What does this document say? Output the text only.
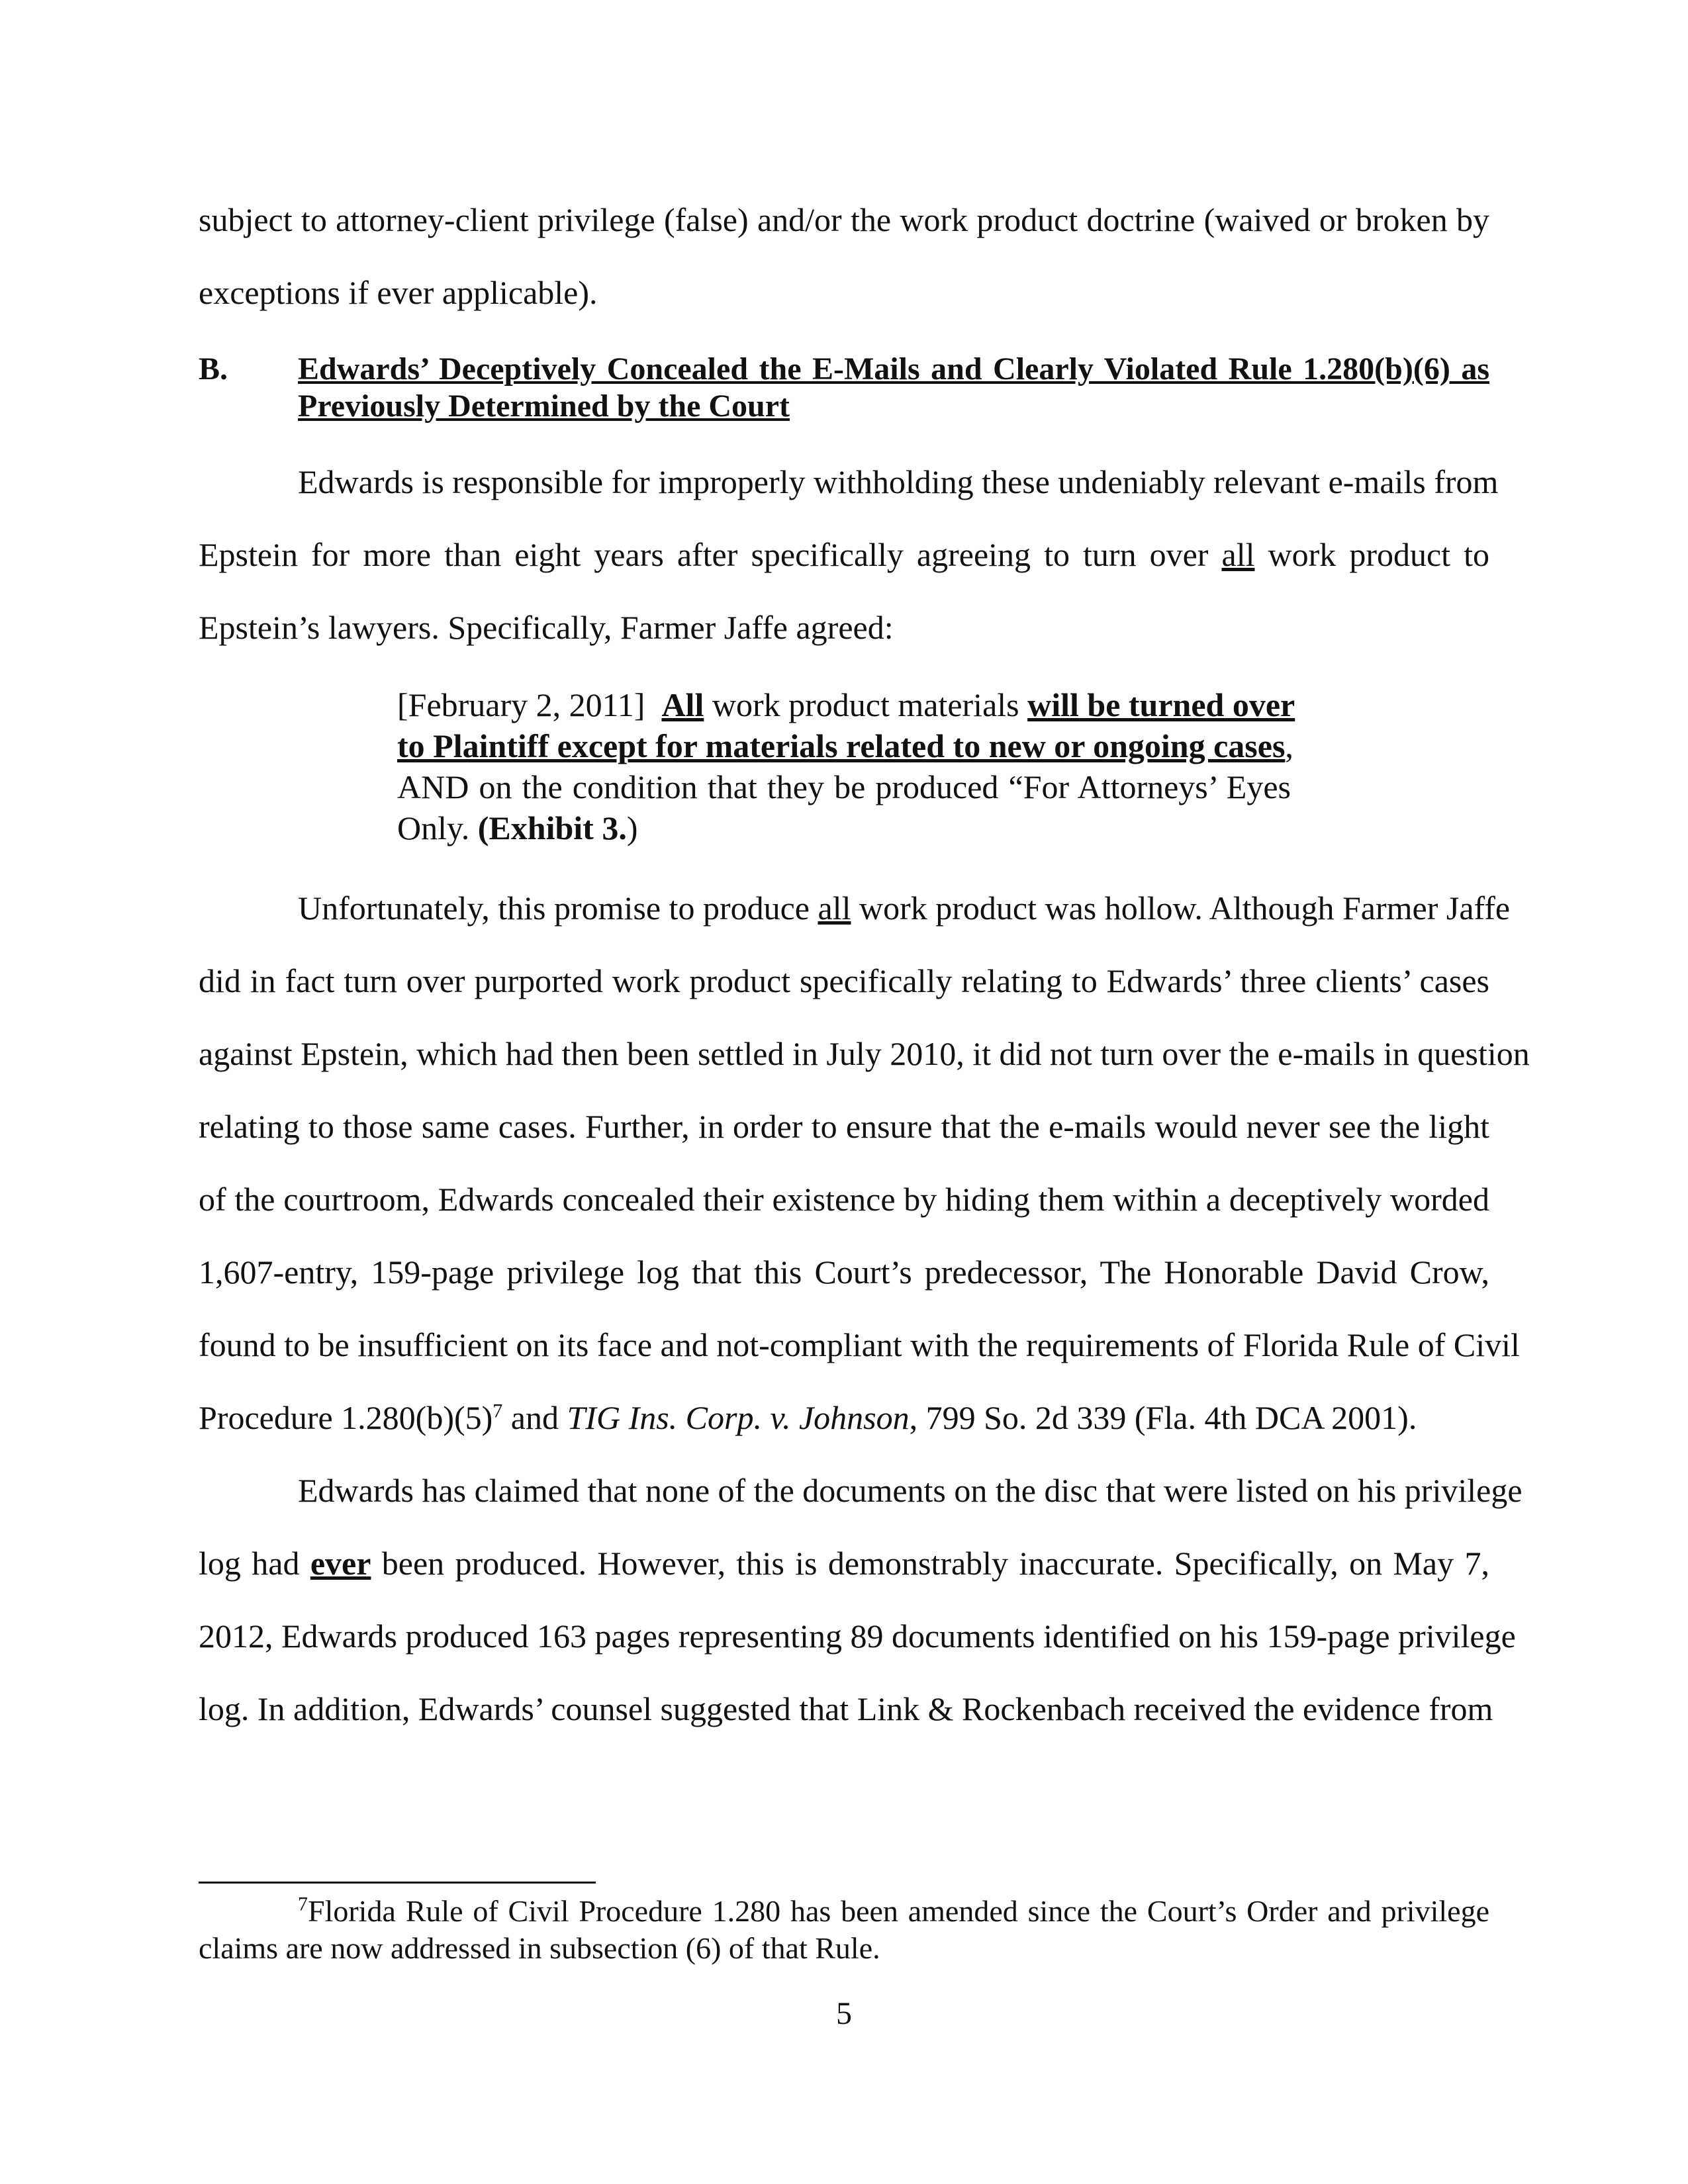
subject to attorney-client privilege (false) and/or the work product doctrine (waived or broken by
exceptions if ever applicable).
B. Edwards’ Deceptively Concealed the E-Mails and Clearly Violated Rule 1.280(b)(6) as
Previously Determined by the Court
Edwards is responsible for improperly withholding these undeniably relevant e-mails from
Epstein for more than eight years after specifically agreeing to turn over all work product to
Epstein’s lawyers. Specifically, Farmer Jaffe agreed:
[February 2, 2011] All work product materials will be turned over
to Plaintiff except for materials related to new or ongoing cases,
AND on the condition that they be produced “For Attorneys’ Eyes
Only. (Exhibit 3.)
Unfortunately, this promise to produce all work product was hollow. Although Farmer Jaffe
did in fact turn over purported work product specifically relating to Edwards’ three clients’ cases
against Epstein, which had then been settled in July 2010, it did not turn over the e-mails in question
relating to those same cases. Further, in order to ensure that the e-mails would never see the light
of the courtroom, Edwards concealed their existence by hiding them within a deceptively worded
1,607-entry, 159-page privilege log that this Court’s predecessor, The Honorable David Crow,
found to be insufficient on its face and not-compliant with the requirements of Florida Rule of Civil
Procedure $1.280(b)(5)^7$ and TIG Ins. Corp. v. Johnson, 799 So. 2d 339 (Fla. 4th DCA 2001).
Edwards has claimed that none of the documents on the disc that were listed on his privilege
log had ever been produced. However, this is demonstrably inaccurate. Specifically, on May 7,
2012, Edwards produced 163 pages representing 89 documents identified on his 159-page privilege
log. In addition, Edwards’ counsel suggested that Link & Rockenbach received the evidence from
$^7$Florida Rule of Civil Procedure 1.280 has been amended since the Court’s Order and privilege
claims are now addressed in subsection (6) of that Rule.
5
